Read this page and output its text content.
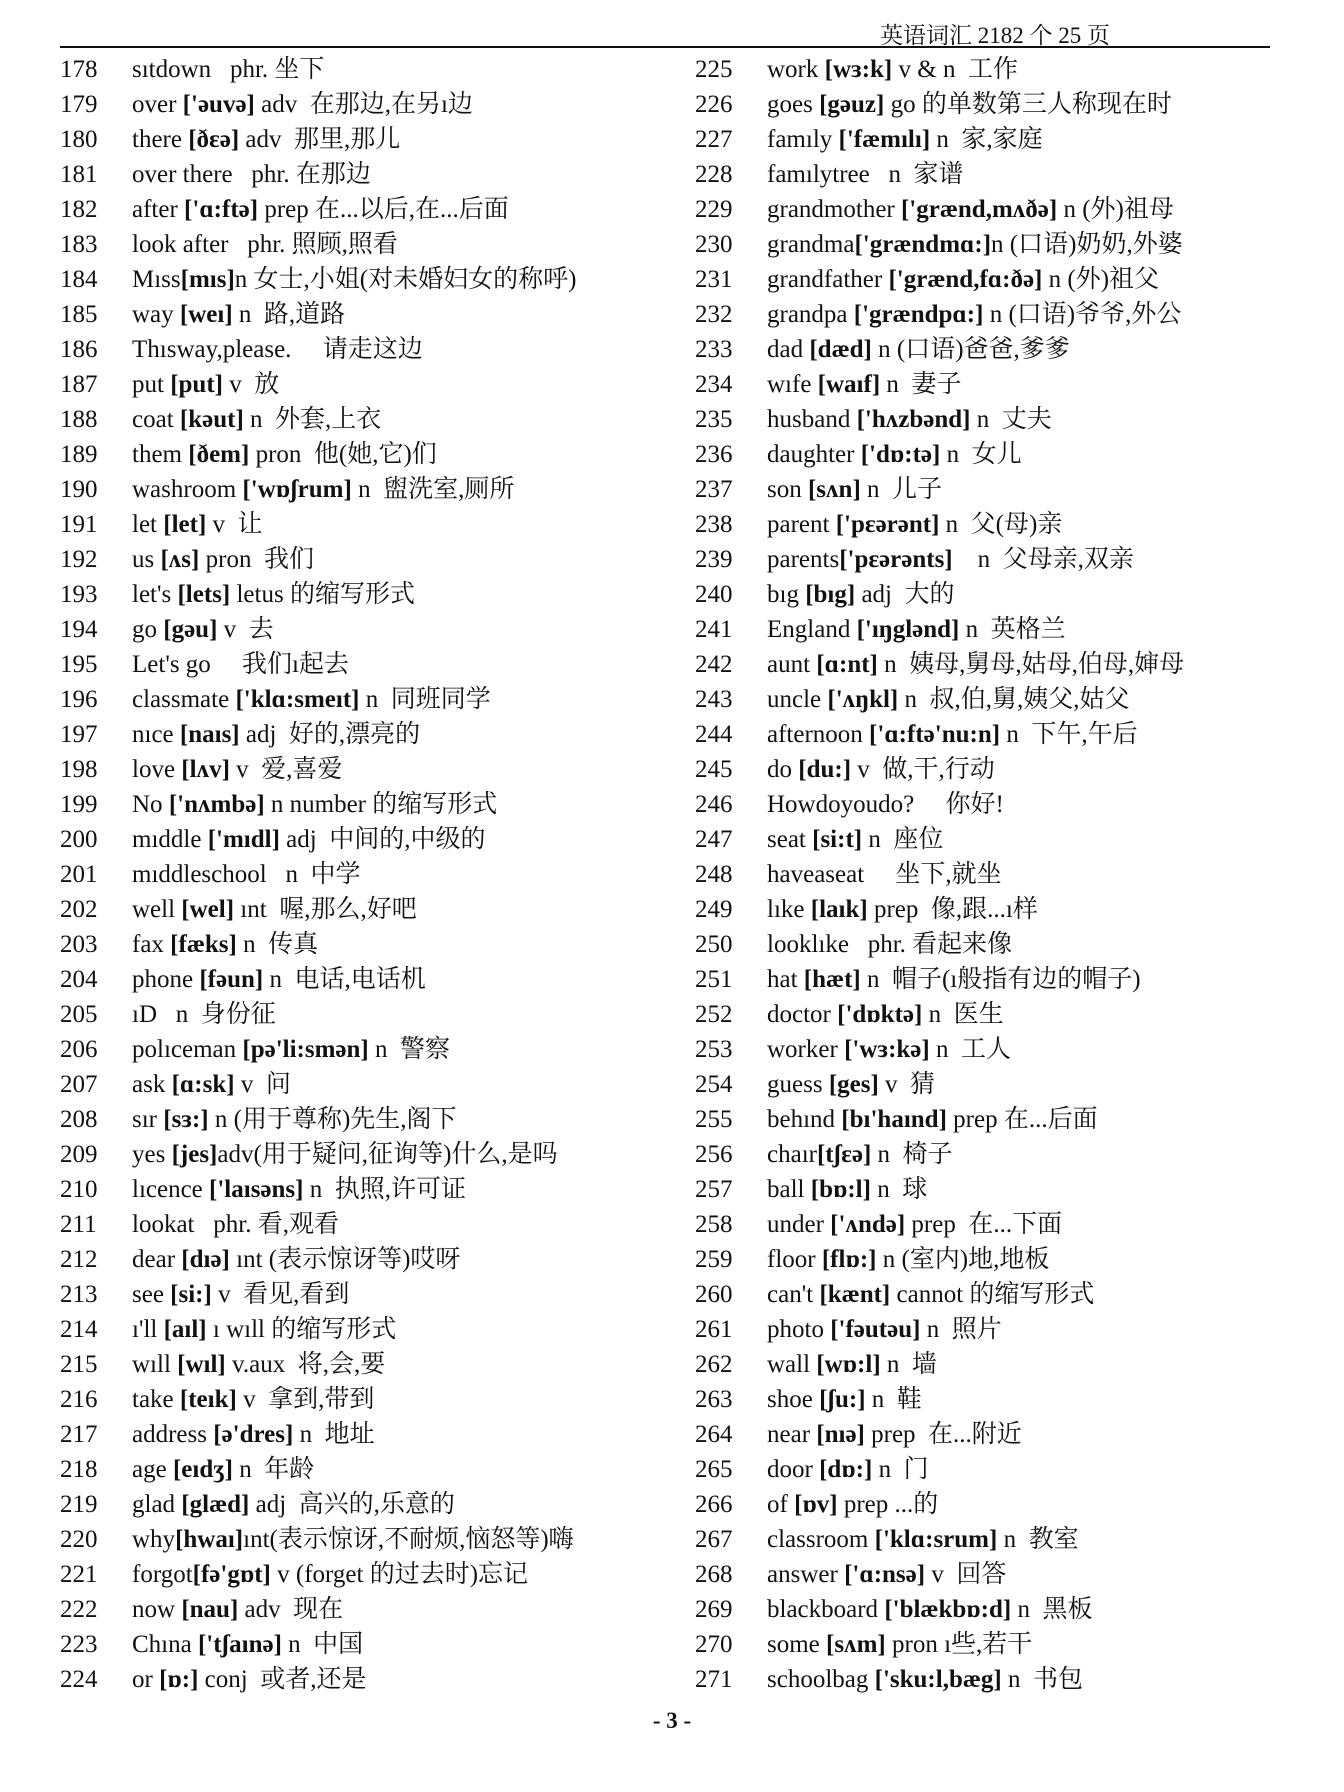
英语词汇 2182 个 25 页
178	sıtdown   phr. 坐下
179	over ['əuvə] adv  在那边,在另ı边
180	there [ðɛə] adv  那里,那儿
181	over there   phr. 在那边
182	after ['ɑ:ftə] prep 在...以后,在...后面
183	look after   phr. 照顾,照看
184	Mıss[mıs]n 女士,小姐(对未婚妇女的称呼)
185	way [weı] n  路,道路
186	Thısway,please.     请走这边
187	put [put] v  放
188	coat [kəut] n  外套,上衣
189	them [ðem] pron  他(她,它)们
190	washroom ['wɒʃrum] n  盥洗室,厕所
191	let [let] v  让
192	us [ʌs] pron  我们
193	let's [lets] letus 的缩写形式
194	go [gəu] v  去
195	Let's go     我们ı起去
196	classmate ['klɑ:smeıt] n  同班同学
197	nıce [naıs] adj  好的,漂亮的
198	love [lʌv] v  爱,喜爱
199	No ['nʌmbə] n number 的缩写形式
200	mıddle ['mıdl] adj  中间的,中级的
201	mıddleschool   n  中学
202	well [wel] ınt  喔,那么,好吧
203	fax [fæks] n  传真
204	phone [fəun] n  电话,电话机
205	ıD   n  身份征
206	polıceman [pə'li:smən] n  警察
207	ask [ɑ:sk] v  问
208	sır [sɜ:] n (用于尊称)先生,阁下
209	yes [jes]adv(用于疑问,征询等)什么,是吗
210	lıcence ['laısəns] n  执照,许可证
211	lookat   phr. 看,观看
212	dear [dıə] ınt (表示惊讶等)哎呀
213	see [si:] v  看见,看到
214	ı'll [aıl] ı wıll 的缩写形式
215	wıll [wıl] v.aux  将,会,要
216	take [teık] v  拿到,带到
217	address [ə'dres] n  地址
218	age [eıdʒ] n  年龄
219	glad [glæd] adj  高兴的,乐意的
220	why[hwaı]ınt(表示惊讶,不耐烦,恼怒等)嗨
221	forgot[fə'gɒt] v (forget 的过去时)忘记
222	now [nau] adv  现在
223	Chına ['tʃaınə] n  中国
224	or [ɒ:] conj  或者,还是
225	work [wɜ:k] v & n  工作
226	goes [gəuz] go 的单数第三人称现在时
227	famıly ['fæmılı] n  家,家庭
228	famılytree   n  家谱
229	grandmother ['grænd,mʌðə] n (外)祖母
230	grandma['grændmɑ:]n (口语)奶奶,外婆
231	grandfather ['grænd,fɑ:ðə] n (外)祖父
232	grandpa ['grændpɑ:] n (口语)爷爷,外公
233	dad [dæd] n (口语)爸爸,爹爹
234	wıfe [waıf] n  妻子
235	husband ['hʌzbənd] n  丈夫
236	daughter ['dɒ:tə] n  女儿
237	son [sʌn] n  儿子
238	parent ['pɛərənt] n  父(母)亲
239	parents['pɛərənts]    n  父母亲,双亲
240	bıg [bıg] adj  大的
241	England ['ıŋglənd] n  英格兰
242	aunt [ɑ:nt] n  姨母,舅母,姑母,伯母,婶母
243	uncle ['ʌŋkl] n  叔,伯,舅,姨父,姑父
244	afternoon ['ɑ:ftə'nu:n] n  下午,午后
245	do [du:] v  做,干,行动
246	Howdoyoudo?     你好!
247	seat [si:t] n  座位
248	haveaseat     坐下,就坐
249	lıke [laık] prep  像,跟...ı样
250	looklıke   phr. 看起来像
251	hat [hæt] n  帽子(ı般指有边的帽子)
252	doctor ['dɒktə] n  医生
253	worker ['wɜ:kə] n  工人
254	guess [ges] v  猜
255	behınd [bı'haınd] prep 在...后面
256	chaır[tʃɛə] n  椅子
257	ball [bɒ:l] n  球
258	under ['ʌndə] prep  在...下面
259	floor [flɒ:] n (室内)地,地板
260	can't [kænt] cannot 的缩写形式
261	photo ['fəutəu] n  照片
262	wall [wɒ:l] n  墙
263	shoe [ʃu:] n  鞋
264	near [nıə] prep  在...附近
265	door [dɒ:] n  门
266	of [ɒv] prep ...的
267	classroom ['klɑ:srum] n  教室
268	answer ['ɑ:nsə] v  回答
269	blackboard ['blækbɒ:d] n  黑板
270	some [sʌm] pron ı些,若干
271	schoolbag ['sku:l,bæg] n  书包
- 3 -
